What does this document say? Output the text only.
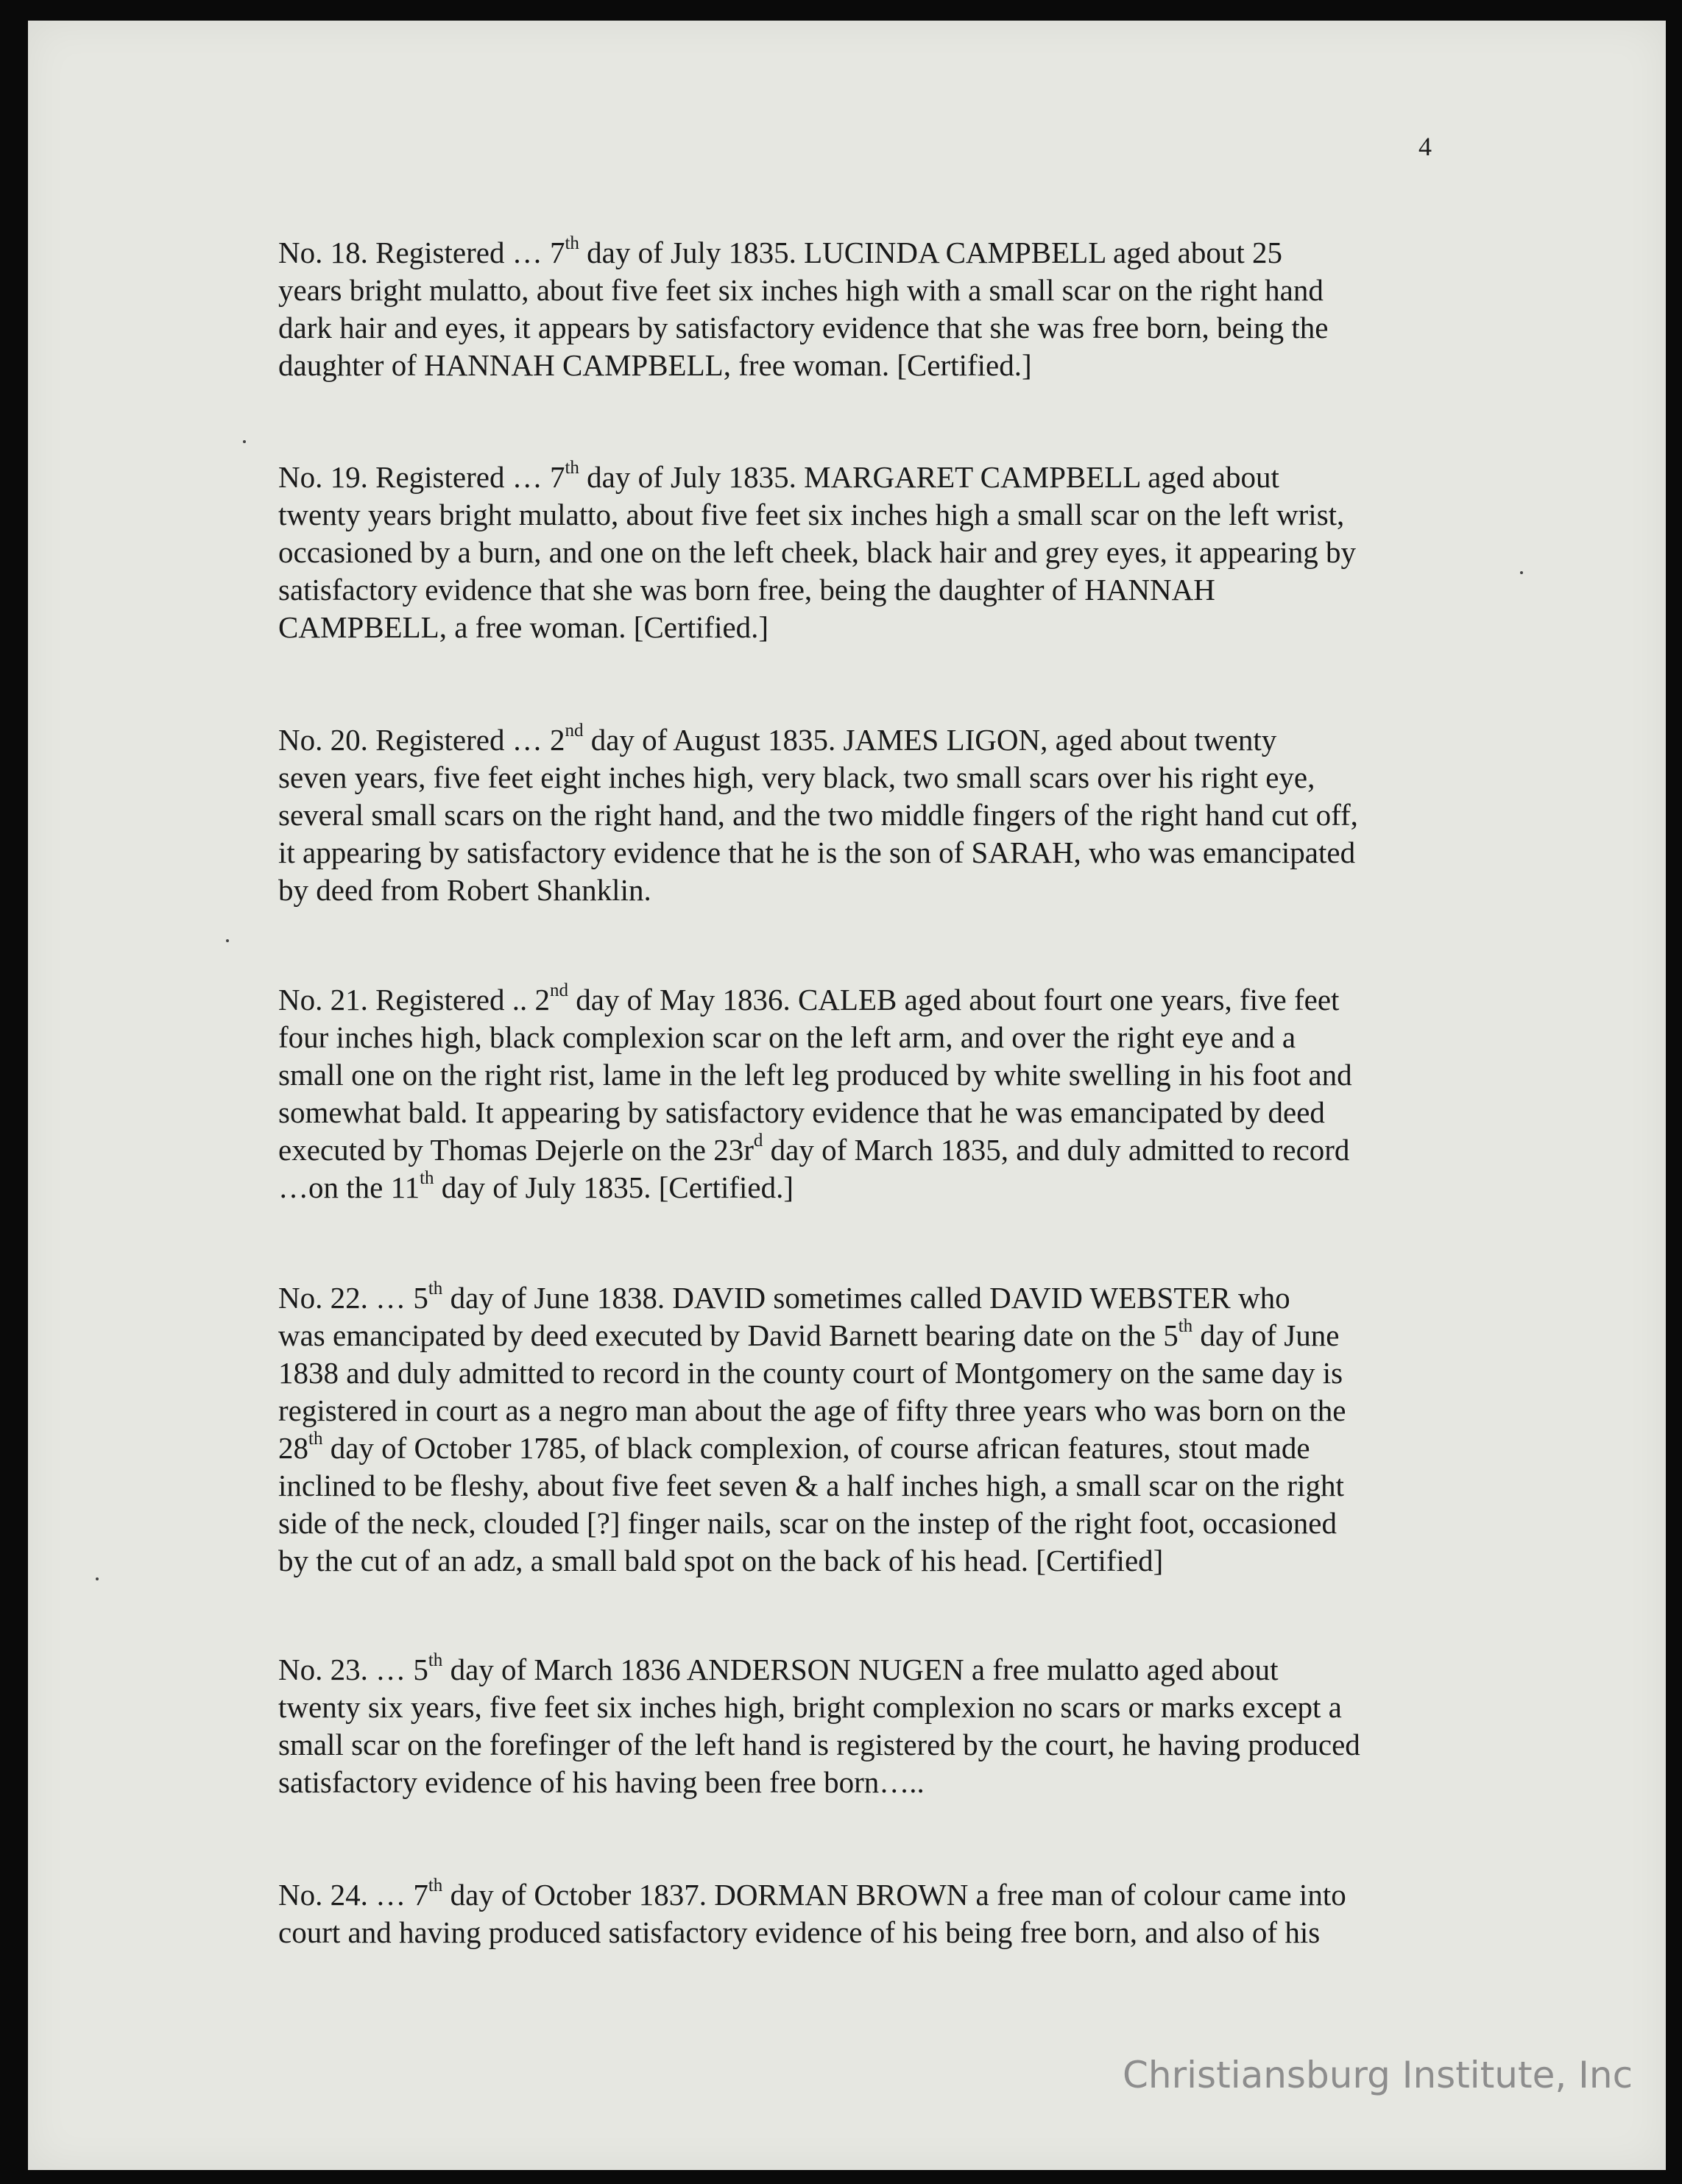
4
No. 18. Registered … 7th day of July 1835. LUCINDA CAMPBELL aged about 25
years bright mulatto, about five feet six inches high with a small scar on the right hand
dark hair and eyes, it appears by satisfactory evidence that she was free born, being the
daughter of HANNAH CAMPBELL, free woman. [Certified.]
No. 19. Registered … 7th day of July 1835. MARGARET CAMPBELL aged about
twenty years bright mulatto, about five feet six inches high a small scar on the left wrist,
occasioned by a burn, and one on the left cheek, black hair and grey eyes, it appearing by
satisfactory evidence that she was born free, being the daughter of HANNAH
CAMPBELL, a free woman. [Certified.]
No. 20. Registered … 2nd day of August 1835. JAMES LIGON, aged about twenty
seven years, five feet eight inches high, very black, two small scars over his right eye,
several small scars on the right hand, and the two middle fingers of the right hand cut off,
it appearing by satisfactory evidence that he is the son of SARAH, who was emancipated
by deed from Robert Shanklin.
No. 21. Registered .. 2nd day of May 1836. CALEB aged about fourt one years, five feet
four inches high, black complexion scar on the left arm, and over the right eye and a
small one on the right rist, lame in the left leg produced by white swelling in his foot and
somewhat bald. It appearing by satisfactory evidence that he was emancipated by deed
executed by Thomas Dejerle on the $23r^d$ day of March 1835, and duly admitted to record
…on the 11th day of July 1835. [Certified.]
No. 22. … 5th day of June 1838. DAVID sometimes called DAVID WEBSTER who
was emancipated by deed executed by David Barnett bearing date on the 5th day of June
1838 and duly admitted to record in the county court of Montgomery on the same day is
registered in court as a negro man about the age of fifty three years who was born on the
28th day of October 1785, of black complexion, of course african features, stout made
inclined to be fleshy, about five feet seven & a half inches high, a small scar on the right
side of the neck, clouded [?] finger nails, scar on the instep of the right foot, occasioned
by the cut of an adz, a small bald spot on the back of his head. [Certified]
No. 23. … 5th day of March 1836 ANDERSON NUGEN a free mulatto aged about
twenty six years, five feet six inches high, bright complexion no scars or marks except a
small scar on the forefinger of the left hand is registered by the court, he having produced
satisfactory evidence of his having been free born…..
No. 24. … 7th day of October 1837. DORMAN BROWN a free man of colour came into
court and having produced satisfactory evidence of his being free born, and also of his
Christiansburg Institute, Inc
